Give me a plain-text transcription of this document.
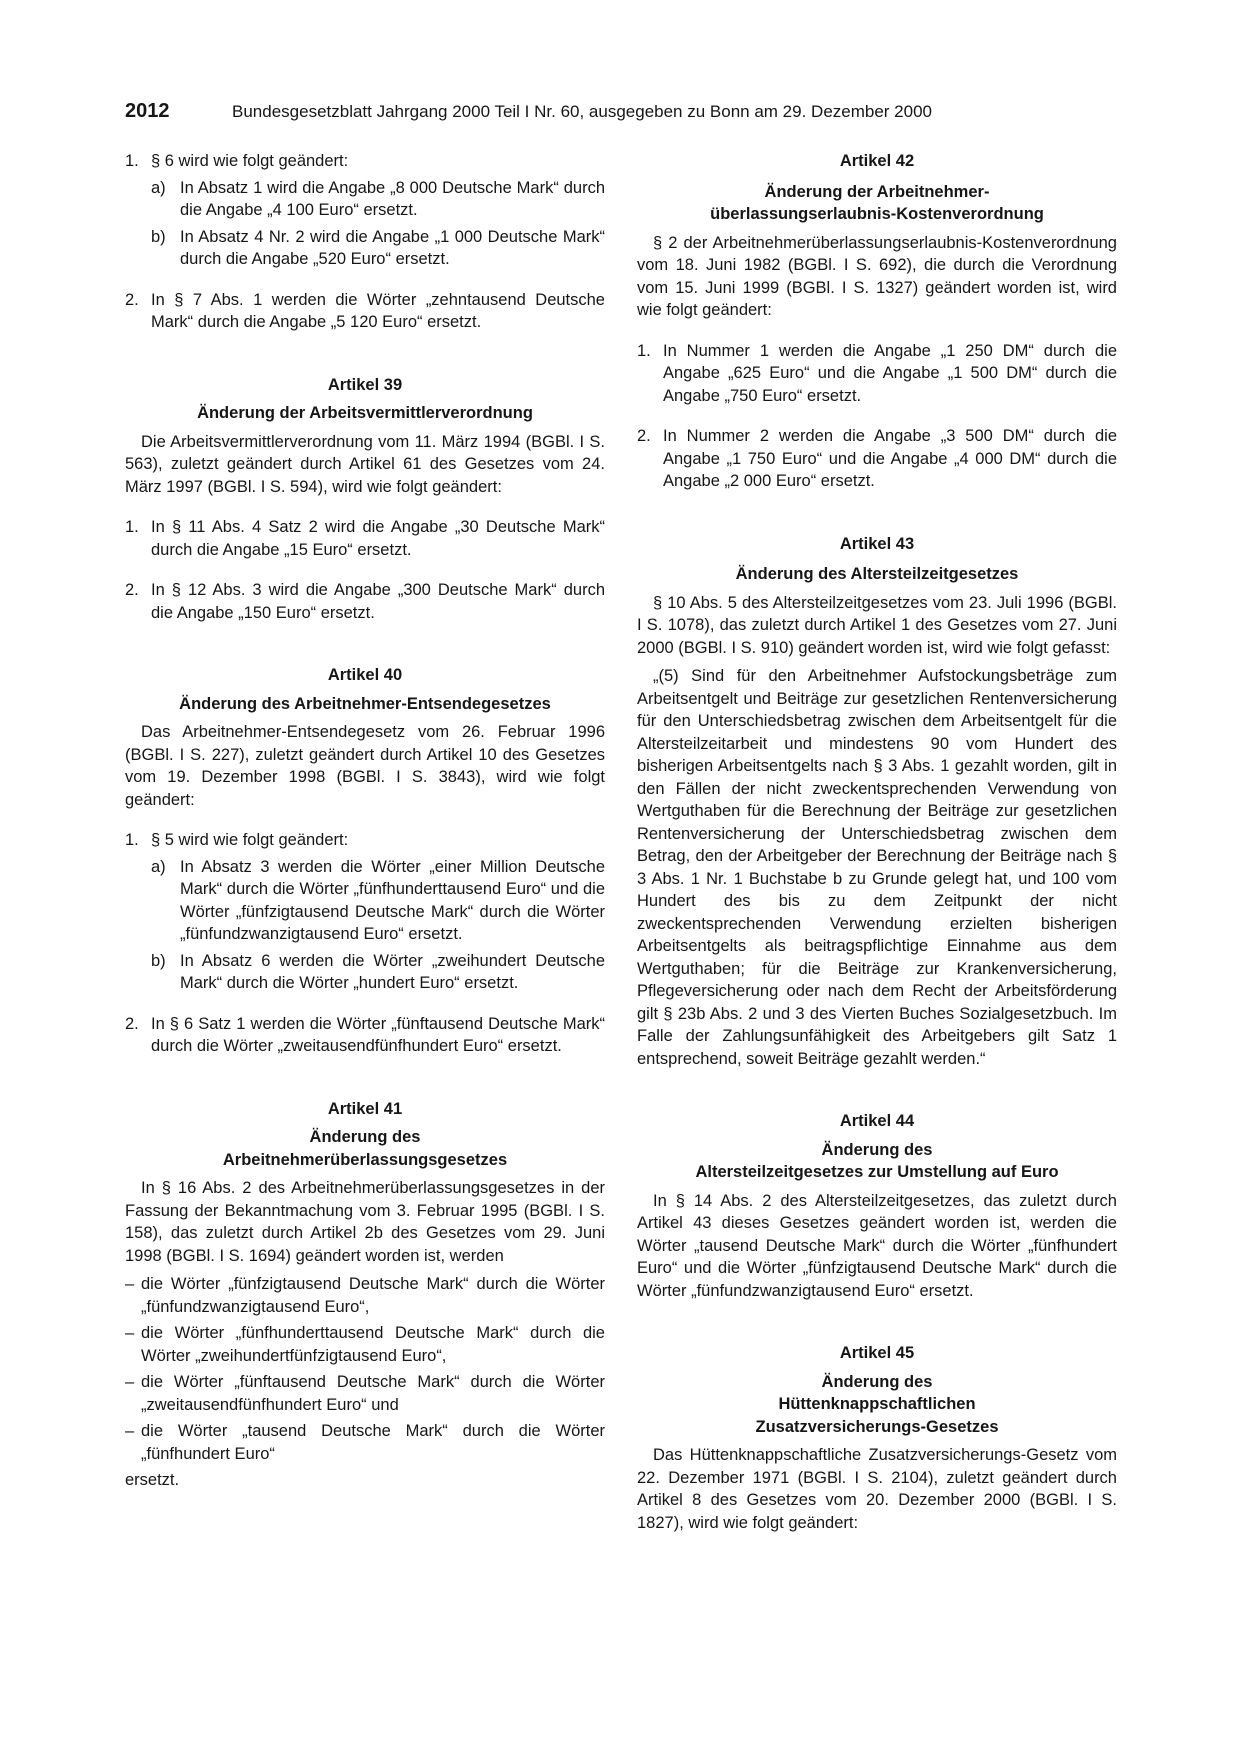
2012	Bundesgesetzblatt Jahrgang 2000 Teil I Nr. 60, ausgegeben zu Bonn am 29. Dezember 2000
1. § 6 wird wie folgt geändert:
a) In Absatz 1 wird die Angabe „8 000 Deutsche Mark“ durch die Angabe „4 100 Euro“ ersetzt.
b) In Absatz 4 Nr. 2 wird die Angabe „1 000 Deutsche Mark“ durch die Angabe „520 Euro“ ersetzt.
2. In § 7 Abs. 1 werden die Wörter „zehntausend Deutsche Mark“ durch die Angabe „5 120 Euro“ ersetzt.
Artikel 39
Änderung der Arbeitsvermittlerverordnung

Die Arbeitsvermittlerverordnung vom 11. März 1994 (BGBl. I S. 563), zuletzt geändert durch Artikel 61 des Gesetzes vom 24. März 1997 (BGBl. I S. 594), wird wie folgt geändert:

1. In § 11 Abs. 4 Satz 2 wird die Angabe „30 Deutsche Mark“ durch die Angabe „15 Euro“ ersetzt.
2. In § 12 Abs. 3 wird die Angabe „300 Deutsche Mark“ durch die Angabe „150 Euro“ ersetzt.
Artikel 40
Änderung des Arbeitnehmer-Entsendegesetzes

Das Arbeitnehmer-Entsendegesetz vom 26. Februar 1996 (BGBl. I S. 227), zuletzt geändert durch Artikel 10 des Gesetzes vom 19. Dezember 1998 (BGBl. I S. 3843), wird wie folgt geändert:

1. § 5 wird wie folgt geändert:
a) In Absatz 3 werden die Wörter „einer Million Deutsche Mark“ durch die Wörter „fünfhunderttausend Euro“ und die Wörter „fünfzigtausend Deutsche Mark“ durch die Wörter „fünfundzwanzigtausend Euro“ ersetzt.
b) In Absatz 6 werden die Wörter „zweihundert Deutsche Mark“ durch die Wörter „hundert Euro“ ersetzt.
2. In § 6 Satz 1 werden die Wörter „fünftausend Deutsche Mark“ durch die Wörter „zweitausendfünfhundert Euro“ ersetzt.
Artikel 41
Änderung des
Arbeitnehmerüberlassungsgesetzes

In § 16 Abs. 2 des Arbeitnehmerüberlassungsgesetzes in der Fassung der Bekanntmachung vom 3. Februar 1995 (BGBl. I S. 158), das zuletzt durch Artikel 2b des Gesetzes vom 29. Juni 1998 (BGBl. I S. 1694) geändert worden ist, werden

– die Wörter „fünfzigtausend Deutsche Mark“ durch die Wörter „fünfundzwanzigtausend Euro“,
– die Wörter „fünfhunderttausend Deutsche Mark“ durch die Wörter „zweihundertfünfzigtausend Euro“,
– die Wörter „fünftausend Deutsche Mark“ durch die Wörter „zweitausendfünfhundert Euro“ und
– die Wörter „tausend Deutsche Mark“ durch die Wörter „fünfhundert Euro“

ersetzt.

Artikel 42
Änderung der Arbeitnehmer-
überlassungserlaubnis-Kostenverordnung

§ 2 der Arbeitnehmerüberlassungserlaubnis-Kostenverordnung vom 18. Juni 1982 (BGBl. I S. 692), die durch die Verordnung vom 15. Juni 1999 (BGBl. I S. 1327) geändert worden ist, wird wie folgt geändert:

1. In Nummer 1 werden die Angabe „1 250 DM“ durch die Angabe „625 Euro“ und die Angabe „1 500 DM“ durch die Angabe „750 Euro“ ersetzt.
2. In Nummer 2 werden die Angabe „3 500 DM“ durch die Angabe „1 750 Euro“ und die Angabe „4 000 DM“ durch die Angabe „2 000 Euro“ ersetzt.
Artikel 43
Änderung des Altersteilzeitgesetzes

§ 10 Abs. 5 des Altersteilzeitgesetzes vom 23. Juli 1996 (BGBl. I S. 1078), das zuletzt durch Artikel 1 des Gesetzes vom 27. Juni 2000 (BGBl. I S. 910) geändert worden ist, wird wie folgt gefasst:

„(5) Sind für den Arbeitnehmer Aufstockungsbeträge zum Arbeitsentgelt und Beiträge zur gesetzlichen Rentenversicherung für den Unterschiedsbetrag zwischen dem Arbeitsentgelt für die Altersteilzeitarbeit und mindestens 90 vom Hundert des bisherigen Arbeitsentgelts nach § 3 Abs. 1 gezahlt worden, gilt in den Fällen der nicht zweckentsprechenden Verwendung von Wertguthaben für die Berechnung der Beiträge zur gesetzlichen Rentenversicherung der Unterschiedsbetrag zwischen dem Betrag, den der Arbeitgeber der Berechnung der Beiträge nach § 3 Abs. 1 Nr. 1 Buchstabe b zu Grunde gelegt hat, und 100 vom Hundert des bis zu dem Zeitpunkt der nicht zweckentsprechenden Verwendung erzielten bisherigen Arbeitsentgelts als beitragspflichtige Einnahme aus dem Wertguthaben; für die Beiträge zur Krankenversicherung, Pflegeversicherung oder nach dem Recht der Arbeitsförderung gilt § 23b Abs. 2 und 3 des Vierten Buches Sozialgesetzbuch. Im Falle der Zahlungsunfähigkeit des Arbeitgebers gilt Satz 1 entsprechend, soweit Beiträge gezahlt werden.“

Artikel 44
Änderung des
Altersteilzeitgesetzes zur Umstellung auf Euro

In § 14 Abs. 2 des Altersteilzeitgesetzes, das zuletzt durch Artikel 43 dieses Gesetzes geändert worden ist, werden die Wörter „tausend Deutsche Mark“ durch die Wörter „fünfhundert Euro“ und die Wörter „fünfzigtausend Deutsche Mark“ durch die Wörter „fünfundzwanzigtausend Euro“ ersetzt.

Artikel 45
Änderung des
Hüttenknappschaftlichen
Zusatzversicherungs-Gesetzes

Das Hüttenknappschaftliche Zusatzversicherungs-Gesetz vom 22. Dezember 1971 (BGBl. I S. 2104), zuletzt geändert durch Artikel 8 des Gesetzes vom 20. Dezember 2000 (BGBl. I S. 1827), wird wie folgt geändert:
